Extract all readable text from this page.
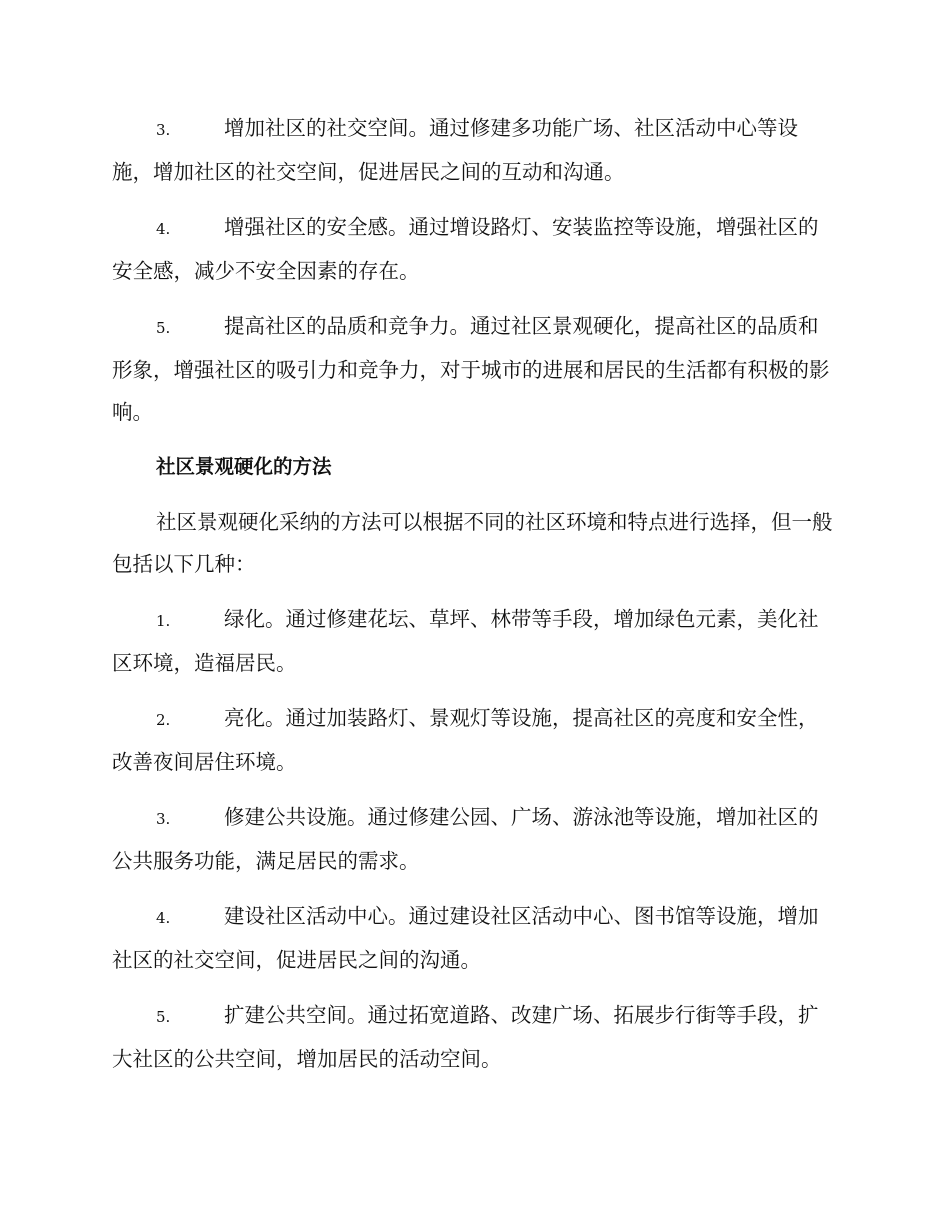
3.	增加社区的社交空间。通过修建多功能广场、社区活动中心等设施，增加社区的社交空间，促进居民之间的互动和沟通。

4.	增强社区的安全感。通过增设路灯、安装监控等设施，增强社区的安全感，减少不安全因素的存在。

5.	提高社区的品质和竞争力。通过社区景观硬化，提高社区的品质和形象，增强社区的吸引力和竞争力，对于城市的进展和居民的生活都有积极的影响。

社区景观硬化的方法

社区景观硬化采纳的方法可以根据不同的社区环境和特点进行选择，但一般包括以下几种：

1.	绿化。通过修建花坛、草坪、林带等手段，增加绿色元素，美化社区环境，造福居民。

2.	亮化。通过加装路灯、景观灯等设施，提高社区的亮度和安全性，改善夜间居住环境。

3.	修建公共设施。通过修建公园、广场、游泳池等设施，增加社区的公共服务功能，满足居民的需求。

4.	建设社区活动中心。通过建设社区活动中心、图书馆等设施，增加社区的社交空间，促进居民之间的沟通。

5.	扩建公共空间。通过拓宽道路、改建广场、拓展步行街等手段，扩大社区的公共空间，增加居民的活动空间。
